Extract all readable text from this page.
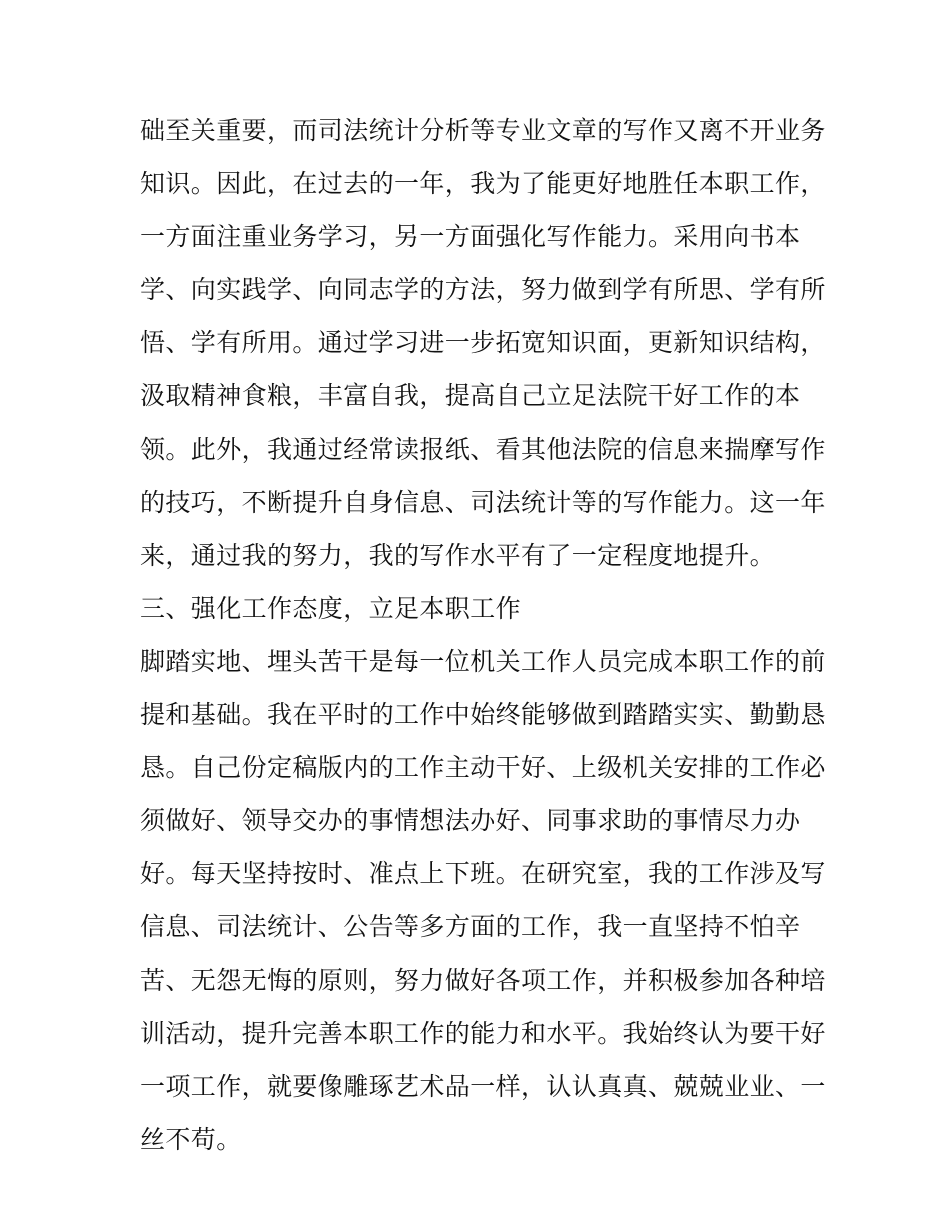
础至关重要，而司法统计分析等专业文章的写作又离不开业务
知识。因此，在过去的一年，我为了能更好地胜任本职工作，
一方面注重业务学习，另一方面强化写作能力。采用向书本
学、向实践学、向同志学的方法，努力做到学有所思、学有所
悟、学有所用。通过学习进一步拓宽知识面，更新知识结构，
汲取精神食粮，丰富自我，提高自己立足法院干好工作的本
领。此外，我通过经常读报纸、看其他法院的信息来揣摩写作
的技巧，不断提升自身信息、司法统计等的写作能力。这一年
来，通过我的努力，我的写作水平有了一定程度地提升。
三、强化工作态度，立足本职工作
脚踏实地、埋头苦干是每一位机关工作人员完成本职工作的前
提和基础。我在平时的工作中始终能够做到踏踏实实、勤勤恳
恳。自己份定稿版内的工作主动干好、上级机关安排的工作必
须做好、领导交办的事情想法办好、同事求助的事情尽力办
好。每天坚持按时、准点上下班。在研究室，我的工作涉及写
信息、司法统计、公告等多方面的工作，我一直坚持不怕辛
苦、无怨无悔的原则，努力做好各项工作，并积极参加各种培
训活动，提升完善本职工作的能力和水平。我始终认为要干好
一项工作，就要像雕琢艺术品一样，认认真真、兢兢业业、一
丝不苟。
